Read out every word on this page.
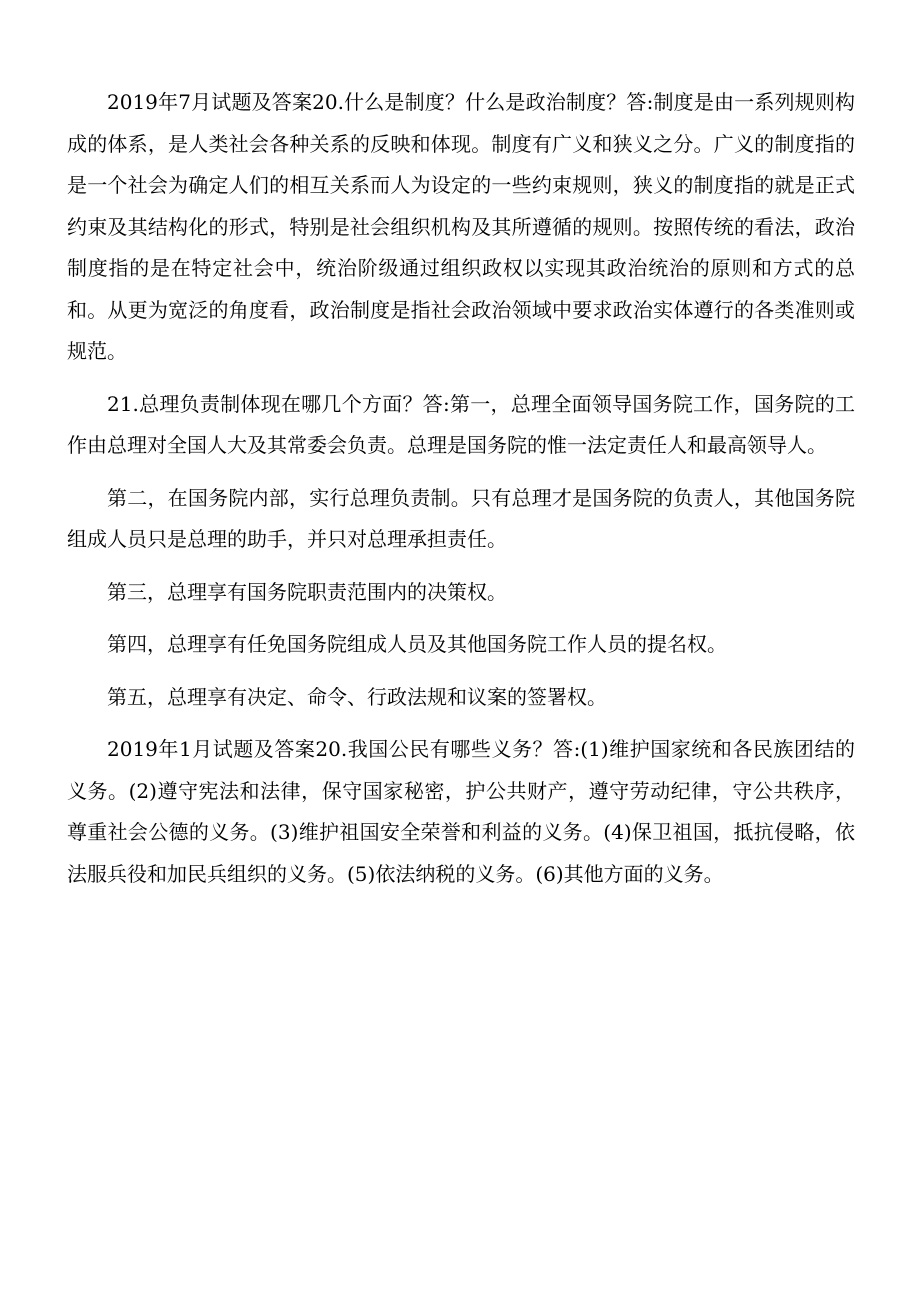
2019年7月试题及答案20.什么是制度？什么是政治制度？答:制度是由一系列规则构成的体系，是人类社会各种关系的反映和体现。制度有广义和狭义之分。广义的制度指的是一个社会为确定人们的相互关系而人为设定的一些约束规则，狭义的制度指的就是正式约束及其结构化的形式，特别是社会组织机构及其所遵循的规则。按照传统的看法，政治制度指的是在特定社会中，统治阶级通过组织政权以实现其政治统治的原则和方式的总和。从更为宽泛的角度看，政治制度是指社会政治领域中要求政治实体遵行的各类准则或规范。

21.总理负责制体现在哪几个方面？答:第一，总理全面领导国务院工作，国务院的工作由总理对全国人大及其常委会负责。总理是国务院的惟一法定责任人和最高领导人。

第二，在国务院内部，实行总理负责制。只有总理才是国务院的负责人，其他国务院组成人员只是总理的助手，并只对总理承担责任。

第三，总理享有国务院职责范围内的决策权。

第四，总理享有任免国务院组成人员及其他国务院工作人员的提名权。

第五，总理享有决定、命令、行政法规和议案的签署权。

2019年1月试题及答案20.我国公民有哪些义务？答:(1)维护国家统和各民族团结的义务。(2)遵守宪法和法律，保守国家秘密，护公共财产，遵守劳动纪律，守公共秩序，尊重社会公德的义务。(3)维护祖国安全荣誉和利益的义务。(4)保卫祖国，抵抗侵略，依法服兵役和加民兵组织的义务。(5)依法纳税的义务。(6)其他方面的义务。
